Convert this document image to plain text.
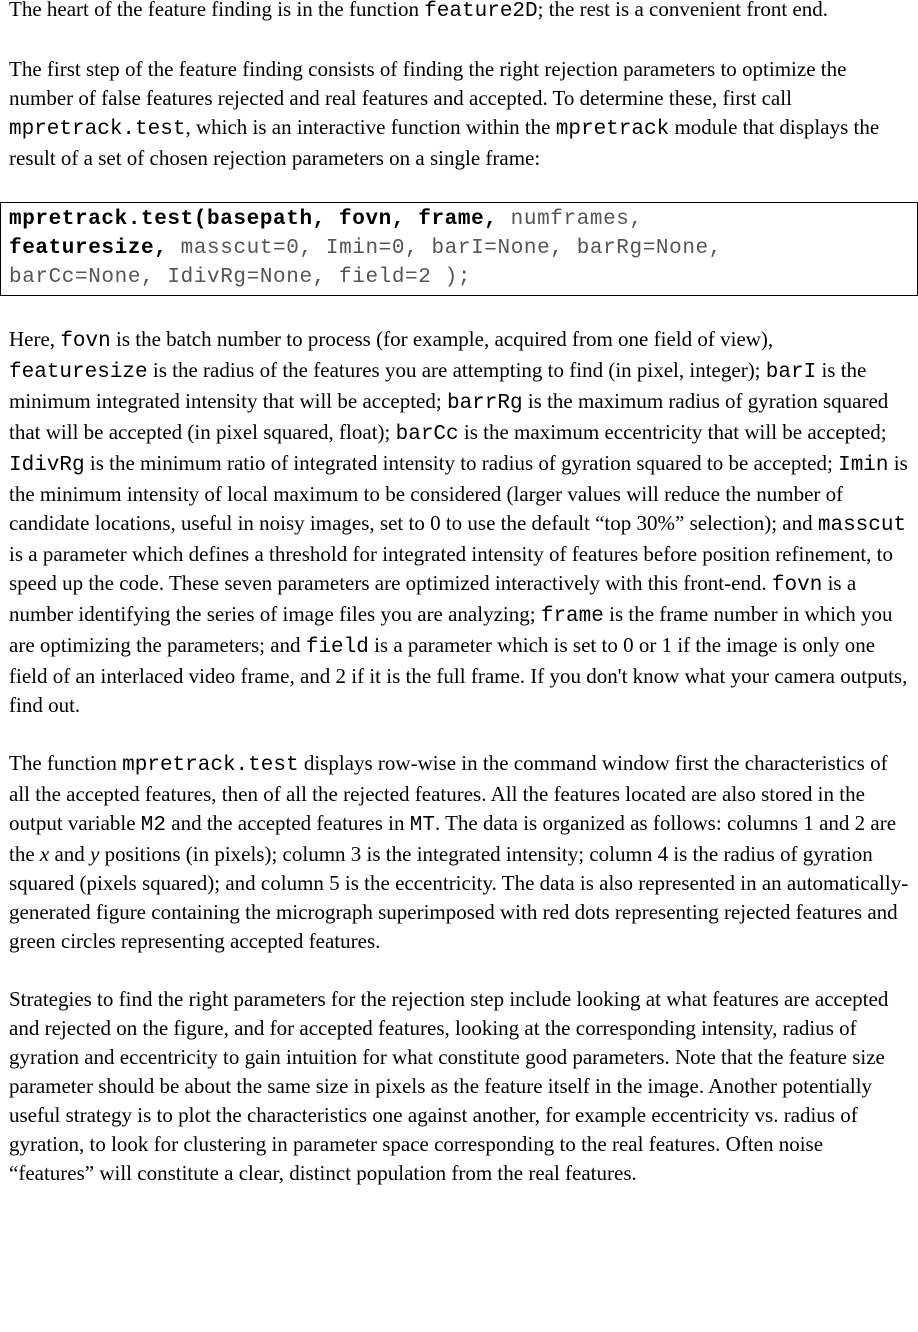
The heart of the feature finding is in the function feature2D; the rest is a convenient front end.

The first step of the feature finding consists of finding the right rejection parameters to optimize the number of false features rejected and real features and accepted. To determine these, first call mpretrack.test, which is an interactive function within the mpretrack module that displays the result of a set of chosen rejection parameters on a single frame:

mpretrack.test(basepath, fovn, frame, numframes,
featuresize, masscut=0, Imin=0, barI=None, barRg=None,
barCc=None, IdivRg=None, field=2 );

Here, fovn is the batch number to process (for example, acquired from one field of view), featuresize is the radius of the features you are attempting to find (in pixel, integer); barI is the minimum integrated intensity that will be accepted; barrRg is the maximum radius of gyration squared that will be accepted (in pixel squared, float); barCc is the maximum eccentricity that will be accepted; IdivRg is the minimum ratio of integrated intensity to radius of gyration squared to be accepted; Imin is the minimum intensity of local maximum to be considered (larger values will reduce the number of candidate locations, useful in noisy images, set to 0 to use the default “top 30%” selection); and masscut is a parameter which defines a threshold for integrated intensity of features before position refinement, to speed up the code. These seven parameters are optimized interactively with this front-end. fovn is a number identifying the series of image files you are analyzing; frame is the frame number in which you are optimizing the parameters; and field is a parameter which is set to 0 or 1 if the image is only one field of an interlaced video frame, and 2 if it is the full frame. If you don't know what your camera outputs, find out.

The function mpretrack.test displays row-wise in the command window first the characteristics of all the accepted features, then of all the rejected features. All the features located are also stored in the output variable M2 and the accepted features in MT. The data is organized as follows: columns 1 and 2 are the x and y positions (in pixels); column 3 is the integrated intensity; column 4 is the radius of gyration squared (pixels squared); and column 5 is the eccentricity. The data is also represented in an automatically-generated figure containing the micrograph superimposed with red dots representing rejected features and green circles representing accepted features.

Strategies to find the right parameters for the rejection step include looking at what features are accepted and rejected on the figure, and for accepted features, looking at the corresponding intensity, radius of gyration and eccentricity to gain intuition for what constitute good parameters. Note that the feature size parameter should be about the same size in pixels as the feature itself in the image. Another potentially useful strategy is to plot the characteristics one against another, for example eccentricity vs. radius of gyration, to look for clustering in parameter space corresponding to the real features. Often noise “features” will constitute a clear, distinct population from the real features.
